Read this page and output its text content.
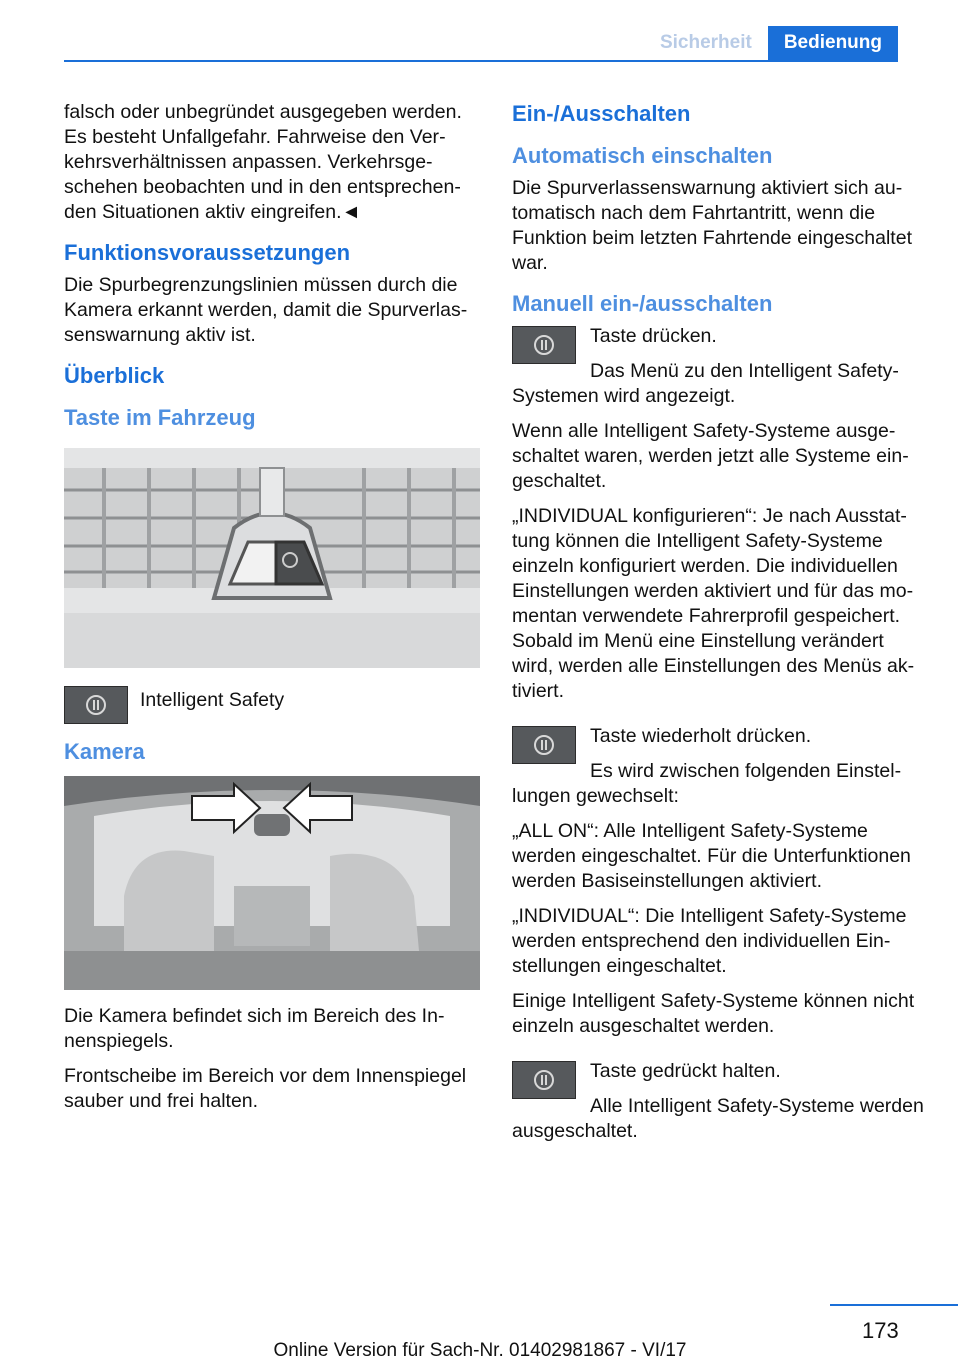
Sicherheit	Bedienung

falsch oder unbegründet ausgegeben werden. Es besteht Unfallgefahr. Fahrweise den Verkehrsverhältnissen anpassen. Verkehrsgeschehen beobachten und in den entsprechenden Situationen aktiv eingreifen.◄

Funktionsvoraussetzungen

Die Spurbegrenzungslinien müssen durch die Kamera erkannt werden, damit die Spurverlassenswarnung aktiv ist.

Überblick
Taste im Fahrzeug

Intelligent Safety

Kamera

Die Kamera befindet sich im Bereich des Innenspiegels.

Frontscheibe im Bereich vor dem Innenspiegel sauber und frei halten.

Ein-/Ausschalten
Automatisch einschalten

Die Spurverlassenswarnung aktiviert sich automatisch nach dem Fahrtantritt, wenn die Funktion beim letzten Fahrtende eingeschaltet war.

Manuell ein-/ausschalten

Taste drücken.

Das Menü zu den Intelligent Safety-Systemen wird angezeigt.

Wenn alle Intelligent Safety-Systeme ausgeschaltet waren, werden jetzt alle Systeme eingeschaltet.

„INDIVIDUAL konfigurieren“: Je nach Ausstattung können die Intelligent Safety-Systeme einzeln konfiguriert werden. Die individuellen Einstellungen werden aktiviert und für das momentan verwendete Fahrerprofil gespeichert. Sobald im Menü eine Einstellung verändert wird, werden alle Einstellungen des Menüs aktiviert.

Taste wiederholt drücken.

Es wird zwischen folgenden Einstellungen gewechselt:

„ALL ON“: Alle Intelligent Safety-Systeme werden eingeschaltet. Für die Unterfunktionen werden Basiseinstellungen aktiviert.

„INDIVIDUAL“: Die Intelligent Safety-Systeme werden entsprechend den individuellen Einstellungen eingeschaltet.

Einige Intelligent Safety-Systeme können nicht einzeln ausgeschaltet werden.

Taste gedrückt halten.

Alle Intelligent Safety-Systeme werden ausgeschaltet.

173
Online Version für Sach-Nr. 01402981867 - VI/17
